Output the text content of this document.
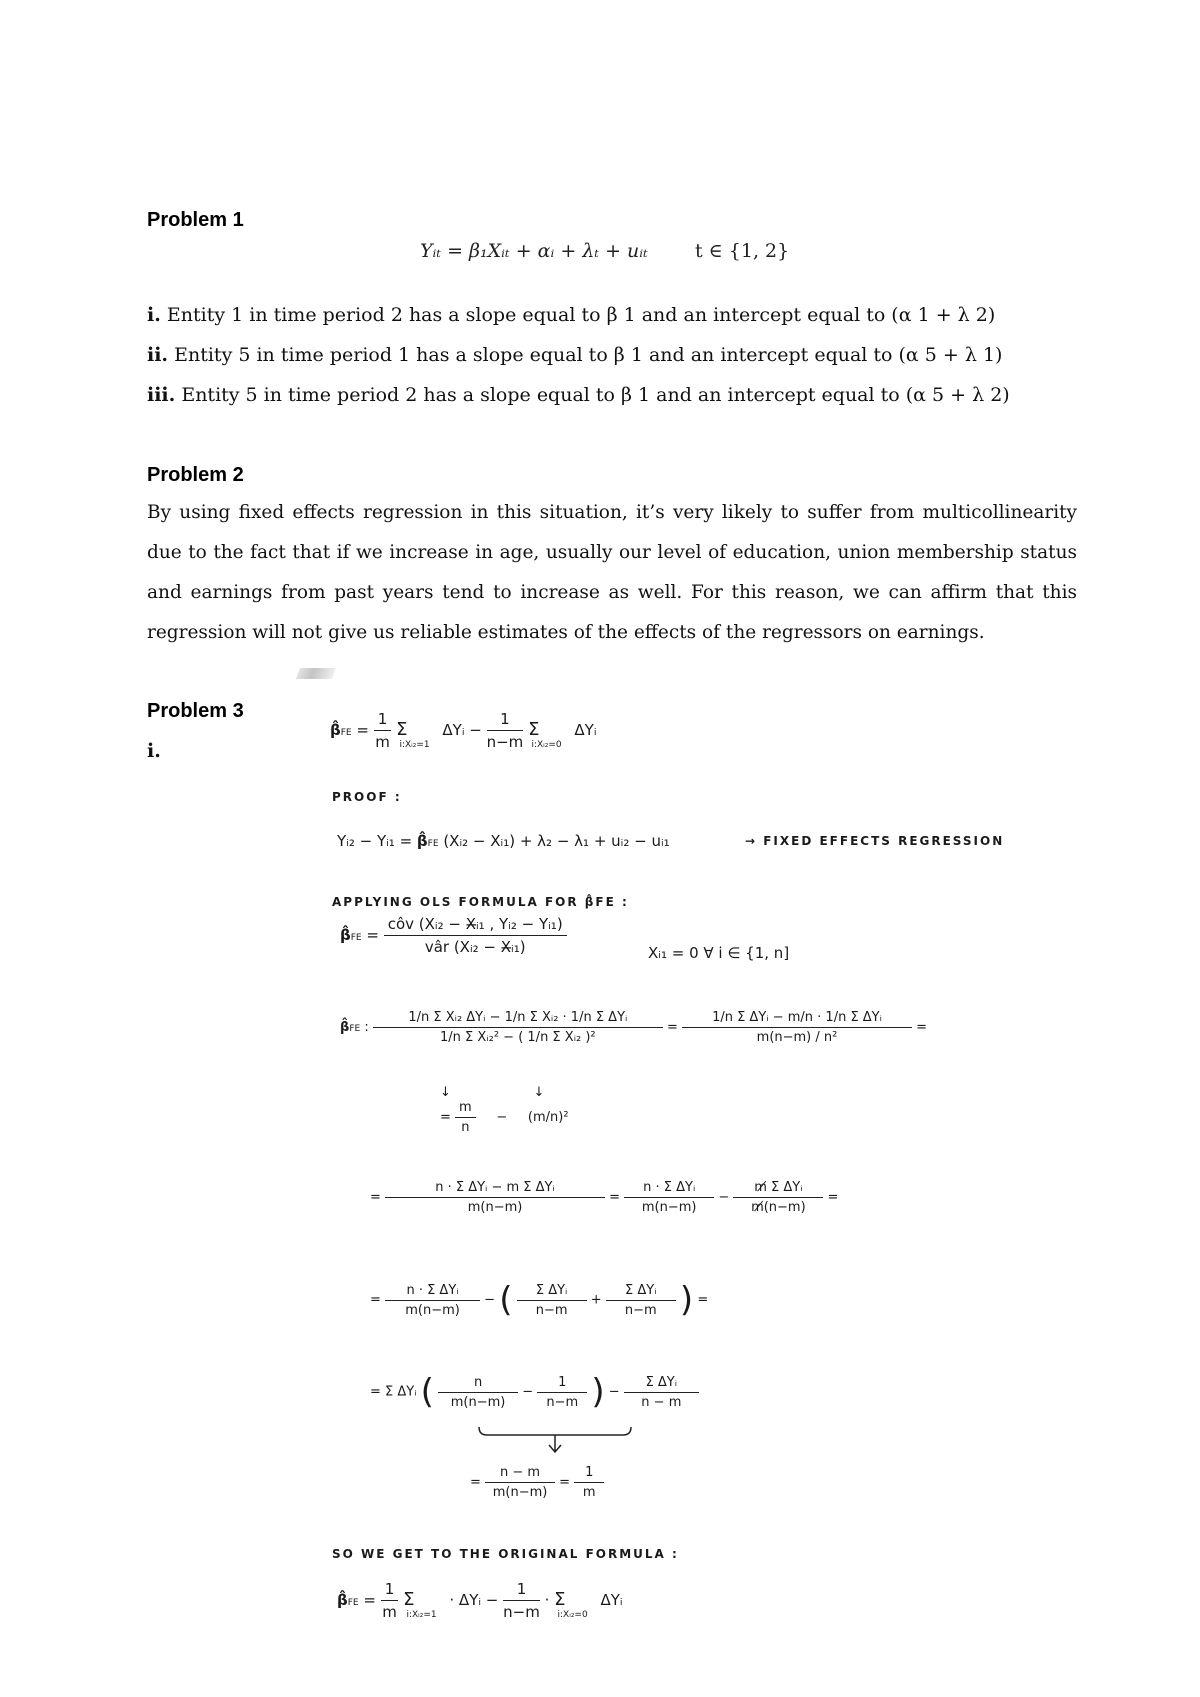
Problem 1
Yᵢₜ = β₁Xᵢₜ + αᵢ + λₜ + uᵢₜ t ∈ {1, 2}
i. Entity 1 in time period 2 has a slope equal to β 1 and an intercept equal to (α 1 + λ 2)
ii. Entity 5 in time period 1 has a slope equal to β 1 and an intercept equal to (α 5 + λ 1)
iii. Entity 5 in time period 2 has a slope equal to β 1 and an intercept equal to (α 5 + λ 2)
Problem 2
By using fixed effects regression in this situation, it’s very likely to suffer from multicollinearity
due to the fact that if we increase in age, usually our level of education, union membership status
and earnings from past years tend to increase as well. For this reason, we can affirm that this
regression will not give us reliable estimates of the effects of the regressors on earnings.
Problem 3
i.
β̂FE = $\frac{1}{m} \Sigma_{i:Xᵢ_2=1}$ ΔYᵢ − $\frac{1}{n-m} \Sigma_{i:Xᵢ_2=0}$ ΔYᵢ
PROOF :
Yᵢ₂ − Yᵢ₁ = β̂FE (Xᵢ₂ − Xᵢ₁) + λ₂ − λ₁ + uᵢ₂ − uᵢ₁	→ FIXED EFFECTS REGRESSION
APPLYING OLS FORMULA FOR β̂FE :
β̂FE = $\frac{\text{côv (Xᵢ₂ − X̶ᵢ₁ , Yᵢ₂ − Yᵢ₁)}}{\text{vâr (Xᵢ₂ − X̶ᵢ₁)}}$	Xᵢ₁ = 0 ∀ i ∈ {1, n]
β̂FE : $\frac{\text{1/n Σ Xᵢ₂ ΔYᵢ − 1/n Σ Xᵢ₂ · 1/n Σ ΔYᵢ}}{\text{1/n Σ Xᵢ₂² − ( 1/n Σ Xᵢ₂ )²}} = \frac{\text{1/n Σ ΔYᵢ − m/n · 1/n Σ ΔYᵢ}}{\text{m(n−m) / n²}}$ =
↓                    ↓
= $\frac{m}{n}$ −     (m/n)²
= $\frac{\text{n · Σ ΔYᵢ − m Σ ΔYᵢ}}{m(n-m)} = \frac{\text{n · Σ ΔYᵢ}}{m(n-m)} - \frac{\text{m̸ Σ ΔYᵢ}}{m̸(n-m)}$ =
= $\frac{\text{n · Σ ΔYᵢ}}{m(n-m)}$ − ( $\frac{\text{Σ ΔYᵢ}}{n-m} + \frac{\text{Σ ΔYᵢ}}{n-m}$ ) =
= Σ ΔYᵢ ( $\frac{n}{m(n-m)} - \frac{1}{n-m}$ ) − $\frac{\text{Σ ΔYᵢ}}{n - m}$
= $\frac{n - m}{m(n-m)} = \frac{1}{m}$
SO WE GET TO THE ORIGINAL FORMULA :
β̂FE = $\frac{1}{m} \Sigma_{i:Xᵢ_2=1}$ · ΔYᵢ − $\frac{1}{n-m} \cdot \Sigma_{i:Xᵢ_2=0}$ ΔYᵢ
